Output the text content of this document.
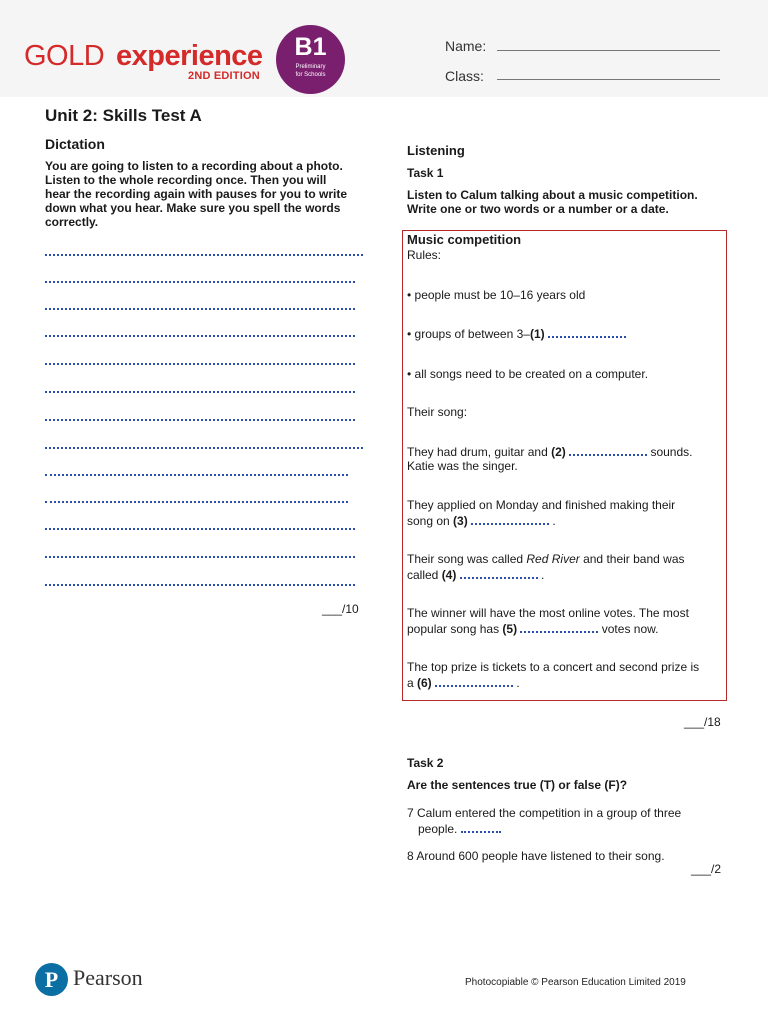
GOLD experience
2ND EDITION
B1
Preliminary
for Schools
Name:
Class:
Unit 2: Skills Test A
Dictation

You are going to listen to a recording about a photo. Listen to the whole recording once. Then you will hear the recording again with pauses for you to write down what you hear. Make sure you spell the words correctly.

___/10
Listening
Task 1

Listen to Calum talking about a music competition. Write one or two words or a number or a date.

Music competition

Rules:

• people must be 10–16 years old

• groups of between 3–(1)

• all songs need to be created on a computer.

Their song:

They had drum, guitar and (2)	sounds.

Katie was the singer.

They applied on Monday and finished making their

song on (3)	.

Their song was called Red River and their band was

called (4)	.

The winner will have the most online votes. The most

popular song has (5)	votes now.

The top prize is tickets to a concert and second prize is

a (6)	.

___/18
Task 2

Are the sentences true (T) or false (F)?

7 Calum entered the competition in a group of three

people.

8 Around 600 people have listened to their song.

___/2
P Pearson	Photocopiable © Pearson Education Limited 2019
